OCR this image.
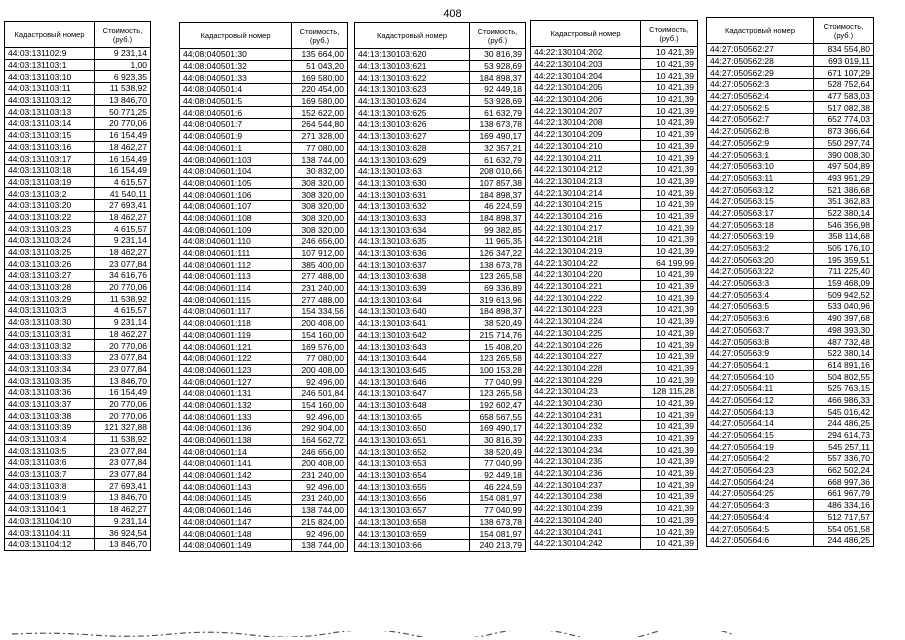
408
Кадастровый номер	Стоимость, (руб.)
44:03:131102:9	9 231,14
44:03:131103:1	1,00
44:03:131103:10	6 923,35
44:03:131103:11	11 538,92
44:03:131103:12	13 846,70
44:03:131103:13	50 771,25
44:03:131103:14	20 770,06
44:03:131103:15	16 154,49
44:03:131103:16	18 462,27
44:03:131103:17	16 154,49
44:03:131103:18	16 154,49
44:03:131103:19	4 615,57
44:03:131103:2	41 540,11
44:03:131103:20	27 693,41
44:03:131103:22	18 462,27
44:03:131103:23	4 615,57
44:03:131103:24	9 231,14
44:03:131103:25	18 462,27
44:03:131103:26	23 077,84
44:03:131103:27	34 616,76
44:03:131103:28	20 770,06
44:03:131103:29	11 538,92
44:03:131103:3	4 615,57
44:03:131103:30	9 231,14
44:03:131103:31	18 462,27
44:03:131103:32	20 770,06
44:03:131103:33	23 077,84
44:03:131103:34	23 077,84
44:03:131103:35	13 846,70
44:03:131103:36	16 154,49
44:03:131103:37	20 770,06
44:03:131103:38	20 770,06
44:03:131103:39	121 327,88
44:03:131103:4	11 538,92
44:03:131103:5	23 077,84
44:03:131103:6	23 077,84
44:03:131103:7	23 077,84
44:03:131103:8	27 693,41
44:03:131103:9	13 846,70
44:03:131104:1	18 462,27
44:03:131104:10	9 231,14
44:03:131104:11	36 924,54
44:03:131104:12	13 846,70
Кадастровый номер	Стоимость, (руб.)
44:08:040501:30	135 664,00
44:08:040501:32	51 043,20
44:08:040501:33	169 580,00
44:08:040501:4	220 454,00
44:08:040501:5	169 580,00
44:08:040501:6	152 622,00
44:08:040501:7	264 544,80
44:08:040501:9	271 328,00
44:08:040601:1	77 080,00
44:08:040601:103	138 744,00
44:08:040601:104	30 832,00
44:08:040601:105	308 320,00
44:08:040601:106	308 320,00
44:08:040601:107	308 320,00
44:08:040601:108	308 320,00
44:08:040601:109	308 320,00
44:08:040601:110	246 656,00
44:08:040601:111	107 912,00
44:08:040601:112	385 400,00
44:08:040601:113	277 488,00
44:08:040601:114	231 240,00
44:08:040601:115	277 488,00
44:08:040601:117	154 334,56
44:08:040601:118	200 408,00
44:08:040601:119	154 160,00
44:08:040601:121	169 576,00
44:08:040601:122	77 080,00
44:08:040601:123	200 408,00
44:08:040601:127	92 496,00
44:08:040601:131	246 501,84
44:08:040601:132	154 160,00
44:08:040601:133	92 496,00
44:08:040601:136	292 904,00
44:08:040601:138	164 562,72
44:08:040601:14	246 656,00
44:08:040601:141	200 408,00
44:08:040601:142	231 240,00
44:08:040601:143	92 496,00
44:08:040601:145	231 240,00
44:08:040601:146	138 744,00
44:08:040601:147	215 824,00
44:08:040601:148	92 496,00
44:08:040601:149	138 744,00
Кадастровый номер	Стоимость, (руб.)
44:13:130103:620	30 816,39
44:13:130103:621	53 928,69
44:13:130103:622	184 898,37
44:13:130103:623	92 449,18
44:13:130103:624	53 928,69
44:13:130103:625	61 632,79
44:13:130103:626	138 673,78
44:13:130103:627	169 490,17
44:13:130103:628	32 357,21
44:13:130103:629	61 632,79
44:13:130103:63	208 010,66
44:13:130103:630	107 857,38
44:13:130103:631	184 898,37
44:13:130103:632	46 224,59
44:13:130103:633	184 898,37
44:13:130103:634	99 382,85
44:13:130103:635	11 965,35
44:13:130103:636	126 347,22
44:13:130103:637	138 673,78
44:13:130103:638	123 265,58
44:13:130103:639	69 336,89
44:13:130103:64	319 613,96
44:13:130103:640	184 898,37
44:13:130103:641	38 520,49
44:13:130103:642	215 714,76
44:13:130103:643	15 408,20
44:13:130103:644	123 265,58
44:13:130103:645	100 153,28
44:13:130103:646	77 040,99
44:13:130103:647	123 265,58
44:13:130103:648	192 602,47
44:13:130103:65	658 567,55
44:13:130103:650	169 490,17
44:13:130103:651	30 816,39
44:13:130103:652	38 520,49
44:13:130103:653	77 040,99
44:13:130103:654	92 449,18
44:13:130103:655	46 224,59
44:13:130103:656	154 081,97
44:13:130103:657	77 040,99
44:13:130103:658	138 673,78
44:13:130103:659	154 081,97
44:13:130103:66	240 213,79
Кадастровый номер	Стоимость, (руб.)
44:22:130104:202	10 421,39
44:22:130104:203	10 421,39
44:22:130104:204	10 421,39
44:22:130104:205	10 421,39
44:22:130104:206	10 421,39
44:22:130104:207	10 421,39
44:22:130104:208	10 421,39
44:22:130104:209	10 421,39
44:22:130104:210	10 421,39
44:22:130104:211	10 421,39
44:22:130104:212	10 421,39
44:22:130104:213	10 421,39
44:22:130104:214	10 421,39
44:22:130104:215	10 421,39
44:22:130104:216	10 421,39
44:22:130104:217	10 421,39
44:22:130104:218	10 421,39
44:22:130104:219	10 421,39
44:22:130104:22	64 199,99
44:22:130104:220	10 421,39
44:22:130104:221	10 421,39
44:22:130104:222	10 421,39
44:22:130104:223	10 421,39
44:22:130104:224	10 421,39
44:22:130104:225	10 421,39
44:22:130104:226	10 421,39
44:22:130104:227	10 421,39
44:22:130104:228	10 421,39
44:22:130104:229	10 421,39
44:22:130104:23	128 115,28
44:22:130104:230	10 421,39
44:22:130104:231	10 421,39
44:22:130104:232	10 421,39
44:22:130104:233	10 421,39
44:22:130104:234	10 421,39
44:22:130104:235	10 421,39
44:22:130104:236	10 421,39
44:22:130104:237	10 421,39
44:22:130104:238	10 421,39
44:22:130104:239	10 421,39
44:22:130104:240	10 421,39
44:22:130104:241	10 421,39
44:22:130104:242	10 421,39
Кадастровый номер	Стоимость, (руб.)
44:27:050562:27	834 554,80
44:27:050562:28	693 019,11
44:27:050562:29	671 107,29
44:27:050562:3	528 752,64
44:27:050562:4	477 583,03
44:27:050562:5	517 082,38
44:27:050562:7	652 774,03
44:27:050562:8	873 366,64
44:27:050562:9	550 297,74
44:27:050563:1	390 008,30
44:27:050563:10	497 504,89
44:27:050563:11	493 951,29
44:27:050563:12	521 386,68
44:27:050563:15	351 362,83
44:27:050563:17	522 380,14
44:27:050563:18	546 356,98
44:27:050563:19	358 114,68
44:27:050563:2	505 176,10
44:27:050563:20	195 359,51
44:27:050563:22	711 225,40
44:27:050563:3	159 468,09
44:27:050563:4	509 942,52
44:27:050563:5	533 040,96
44:27:050563:6	490 397,68
44:27:050563:7	498 393,30
44:27:050563:8	487 732,48
44:27:050563:9	522 380,14
44:27:050564:1	614 891,16
44:27:050564:10	504 802,55
44:27:050564:11	525 763,15
44:27:050564:12	466 986,33
44:27:050564:13	545 016,42
44:27:050564:14	244 486,25
44:27:050564:15	294 614,73
44:27:050564:19	545 257,11
44:27:050564:2	557 336,70
44:27:050564:23	662 502,24
44:27:050564:24	668 997,36
44:27:050564:25	661 967,79
44:27:050564:3	486 334,16
44:27:050564:4	512 717,57
44:27:050564:5	554 051,58
44:27:050564:6	244 486,25
